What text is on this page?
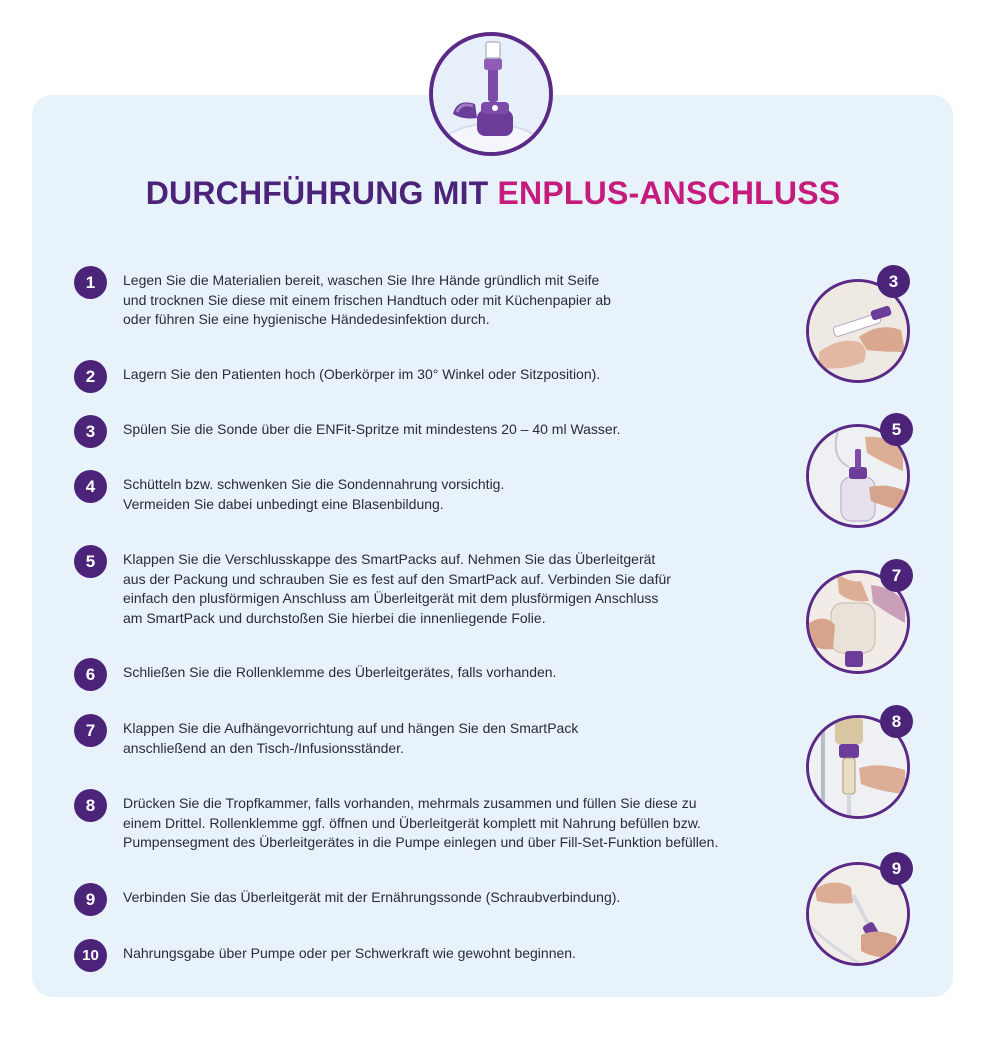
DURCHFÜHRUNG MIT ENPLUS-ANSCHLUSS
1	Legen Sie die Materialien bereit, waschen Sie Ihre Hände gründlich mit Seife
und trocknen Sie diese mit einem frischen Handtuch oder mit Küchenpapier ab
oder führen Sie eine hygienische Händedesinfektion durch.
2	Lagern Sie den Patienten hoch (Oberkörper im 30° Winkel oder Sitzposition).
3	Spülen Sie die Sonde über die ENFit-Spritze mit mindestens 20 – 40 ml Wasser.
4	Schütteln bzw. schwenken Sie die Sondennahrung vorsichtig.
Vermeiden Sie dabei unbedingt eine Blasenbildung.
5	Klappen Sie die Verschlusskappe des SmartPacks auf. Nehmen Sie das Überleitgerät
aus der Packung und schrauben Sie es fest auf den SmartPack auf. Verbinden Sie dafür
einfach den plusförmigen Anschluss am Überleitgerät mit dem plusförmigen Anschluss
am SmartPack und durchstoßen Sie hierbei die innenliegende Folie.
6	Schließen Sie die Rollenklemme des Überleitgerätes, falls vorhanden.
7	Klappen Sie die Aufhängevorrichtung auf und hängen Sie den SmartPack
anschließend an den Tisch-/Infusionsständer.
8	Drücken Sie die Tropfkammer, falls vorhanden, mehrmals zusammen und füllen Sie diese zu
einem Drittel. Rollenklemme ggf. öffnen und Überleitgerät komplett mit Nahrung befüllen bzw.
Pumpensegment des Überleitgerätes in die Pumpe einlegen und über Fill-Set-Funktion befüllen.
9	Verbinden Sie das Überleitgerät mit der Ernährungssonde (Schraubverbindung).
10	Nahrungsgabe über Pumpe oder per Schwerkraft wie gewohnt beginnen.
3
5
7
8
9
